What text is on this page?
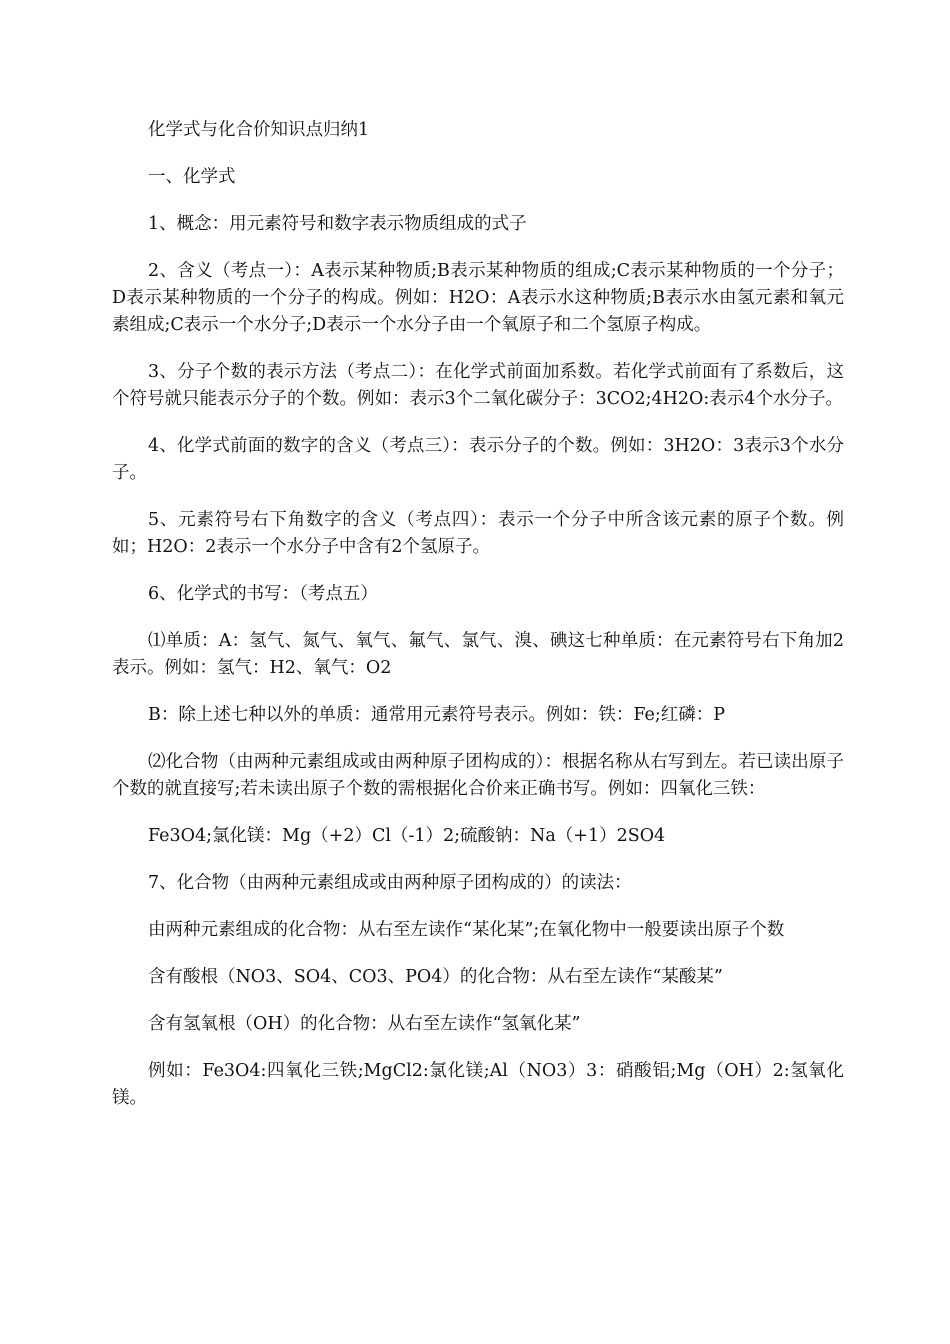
化学式与化合价知识点归纳1

一、化学式

1、概念：用元素符号和数字表示物质组成的式子

2、含义（考点一）：A表示某种物质;B表示某种物质的组成;C表示某种物质的一个分子；D表示某种物质的一个分子的构成。例如：H2O：A表示水这种物质;B表示水由氢元素和氧元素组成;C表示一个水分子;D表示一个水分子由一个氧原子和二个氢原子构成。

3、分子个数的表示方法（考点二）：在化学式前面加系数。若化学式前面有了系数后，这个符号就只能表示分子的个数。例如：表示3个二氧化碳分子：3CO2;4H2O:表示4个水分子。

4、化学式前面的数字的含义（考点三）：表示分子的个数。例如：3H2O：3表示3个水分子。

5、元素符号右下角数字的含义（考点四）：表示一个分子中所含该元素的原子个数。例如；H2O：2表示一个水分子中含有2个氢原子。

6、化学式的书写：（考点五）

⑴单质：A：氢气、氮气、氧气、氟气、氯气、溴、碘这七种单质：在元素符号右下角加2表示。例如：氢气：H2、氧气：O2

B：除上述七种以外的单质：通常用元素符号表示。例如：铁：Fe;红磷：P

⑵化合物（由两种元素组成或由两种原子团构成的）：根据名称从右写到左。若已读出原子个数的就直接写;若未读出原子个数的需根据化合价来正确书写。例如：四氧化三铁：

Fe3O4;氯化镁：Mg（+2）Cl（-1）2;硫酸钠：Na（+1）2SO4

7、化合物（由两种元素组成或由两种原子团构成的）的读法：

由两种元素组成的化合物：从右至左读作“某化某”;在氧化物中一般要读出原子个数

含有酸根（NO3、SO4、CO3、PO4）的化合物：从右至左读作“某酸某”

含有氢氧根（OH）的化合物：从右至左读作“氢氧化某”

例如：Fe3O4:四氧化三铁;MgCl2:氯化镁;Al（NO3）3：硝酸铝;Mg（OH）2:氢氧化镁。
